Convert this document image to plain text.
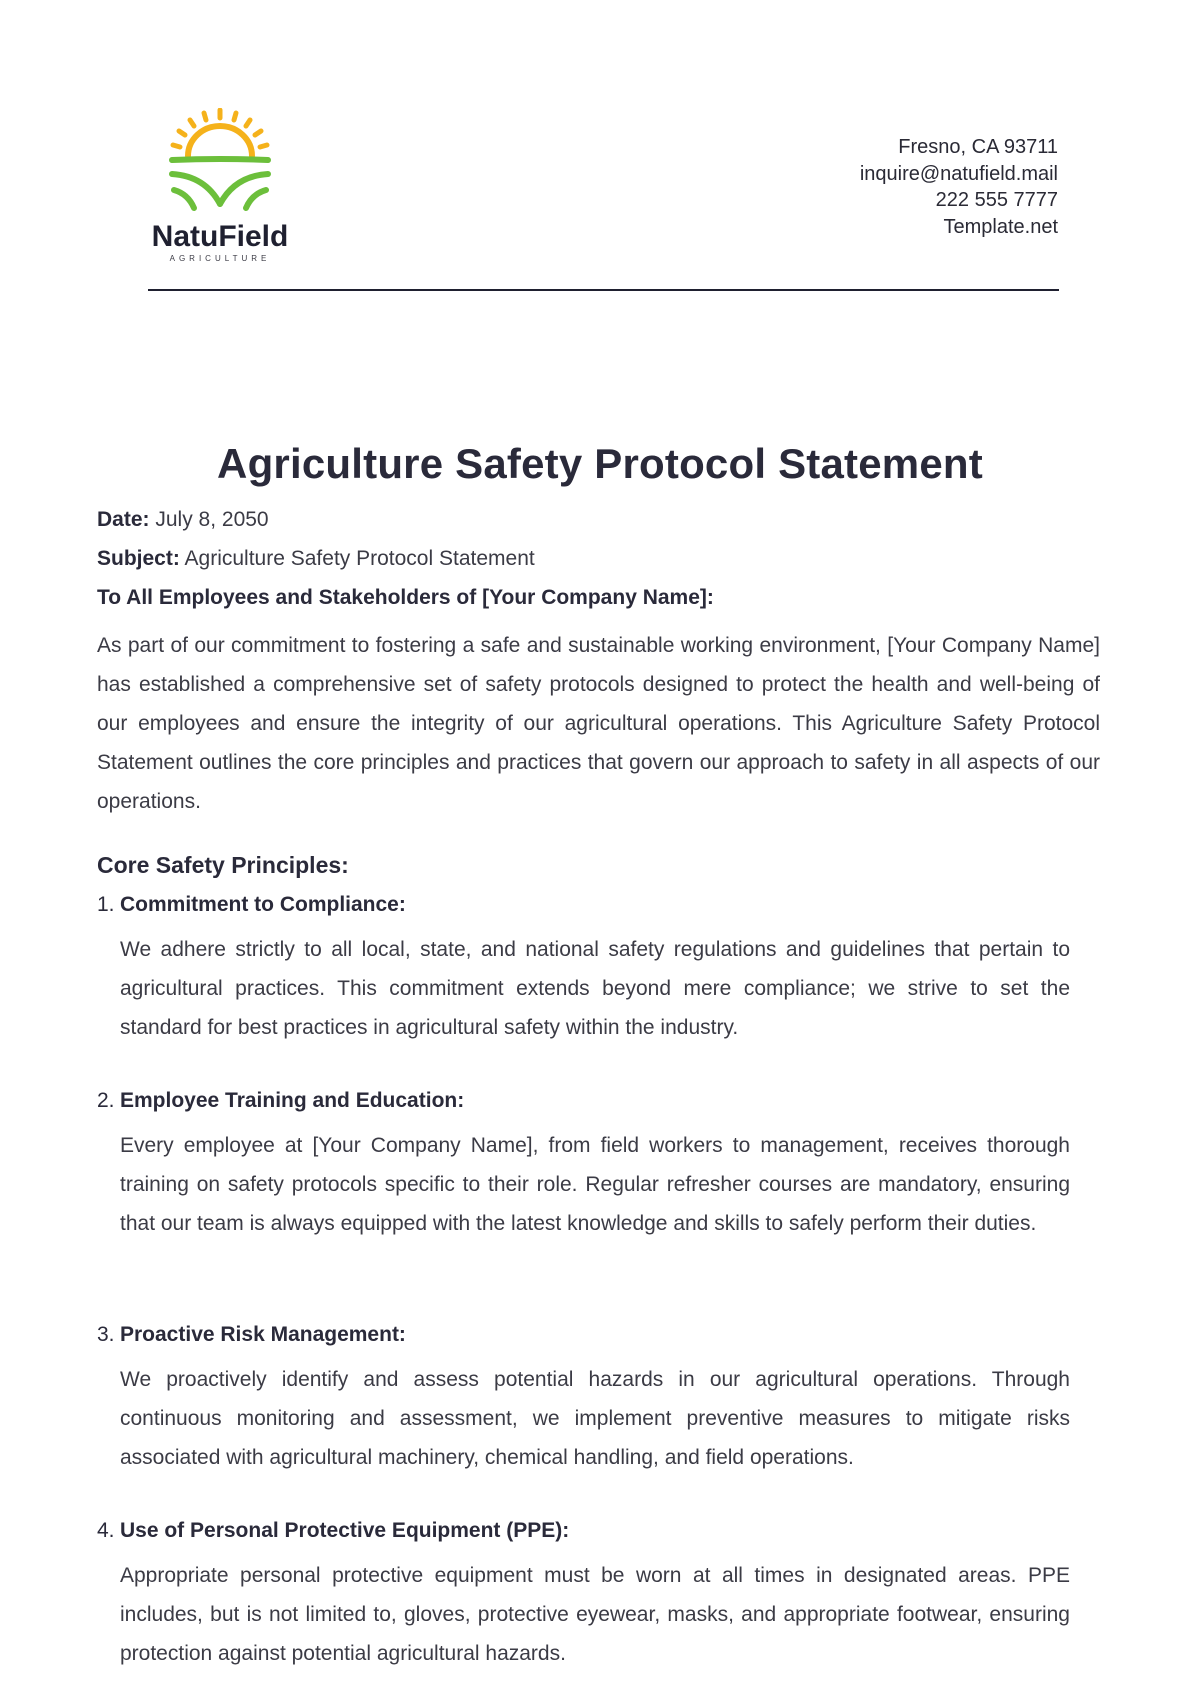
NatuField
AGRICULTURE
Fresno, CA 93711
inquire@natufield.mail
222 555 7777
Template.net
Agriculture Safety Protocol Statement
Date: July 8, 2050
Subject: Agriculture Safety Protocol Statement
To All Employees and Stakeholders of [Your Company Name]:
As part of our commitment to fostering a safe and sustainable working environment, [Your Company Name] has established a comprehensive set of safety protocols designed to protect the health and well-being of our employees and ensure the integrity of our agricultural operations. This Agriculture Safety Protocol Statement outlines the core principles and practices that govern our approach to safety in all aspects of our operations.
Core Safety Principles:
1. Commitment to Compliance:
We adhere strictly to all local, state, and national safety regulations and guidelines that pertain to agricultural practices. This commitment extends beyond mere compliance; we strive to set the standard for best practices in agricultural safety within the industry.
2. Employee Training and Education:
Every employee at [Your Company Name], from field workers to management, receives thorough training on safety protocols specific to their role. Regular refresher courses are mandatory, ensuring that our team is always equipped with the latest knowledge and skills to safely perform their duties.
3. Proactive Risk Management:
We proactively identify and assess potential hazards in our agricultural operations. Through continuous monitoring and assessment, we implement preventive measures to mitigate risks associated with agricultural machinery, chemical handling, and field operations.
4. Use of Personal Protective Equipment (PPE):
Appropriate personal protective equipment must be worn at all times in designated areas. PPE includes, but is not limited to, gloves, protective eyewear, masks, and appropriate footwear, ensuring protection against potential agricultural hazards.
